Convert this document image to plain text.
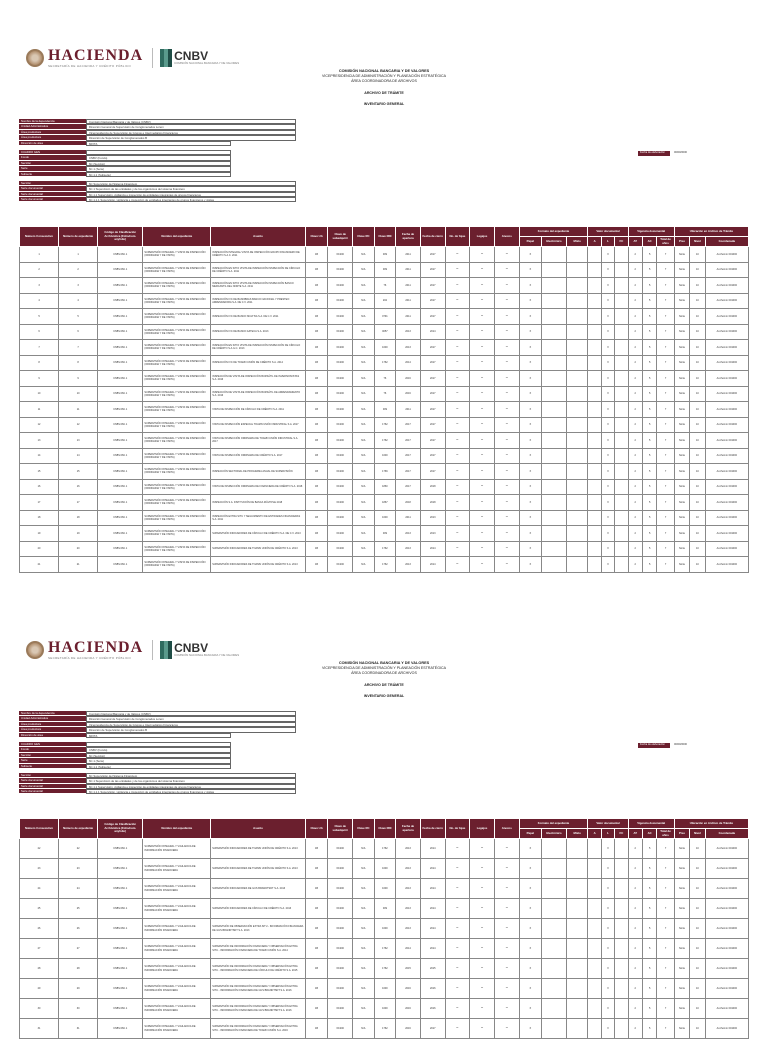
HACIENDA
SECRETARÍA DE HACIENDA Y CRÉDITO PÚBLICO
CNBV
COMISIÓN NACIONAL BANCARIA Y DE VALORES
COMISIÓN NACIONAL BANCARIA Y DE VALORES
VICEPRESIDENCIA DE ADMINISTRACIÓN Y PLANEACIÓN ESTRATÉGICA
ÁREA COORDINADORA DE ARCHIVOS
ARCHIVO DE TRÁMITE
INVENTARIO GENERAL
Nombre de la dependencia	Comisión Nacional Bancaria y de Valores (CNBV)
Unidad Administrativa	Dirección General de Supervisión de Conglomerados Lorem
Área productora	Vicepresidencia de Supervisión de Grupos e Intermediarios Financieros
Área productora	Dirección de Supervisión de Conglomerados B
Dirección de área	MIXTA
CUADRO GEN
Fondo	CNBV (Fondo)
Sección	6C (Sección)
Serie	6C.1 (Serie)
Subserie	6C.1.1 (Subserie)
Sección	6C Supervisión del Sistema Financiero
Serie documental	6C.1 Supervisión de las entidades y de los organismos del sistema financiero
Serie documental	6C.1.1 Supervisión, vigilancia e inspección de entidades integrantes de grupos financieros
Serie documental	6C.1.1.1 Supervisión, vigilancia e inspección de entidades integrantes de grupos financieros y visitas
Fecha de elaboración	00/00/0000
Número Consecutivo	Número de expediente	Código de Clasificación Archivística (Folio/num. anyfolio)	Nombre del expediente	Asunto	Clave UA	Clave de subadquirir	Clave RC	Clave RDI	Fecha de apertura	Fecha de cierre	No. de fojas	Legajos	Anexos	Formato del expediente			Valor documental			Vigencia documental			Ubicación en Archivo de Trámite		
														Papel	Electrónico	Mixto	A	L	FC	AT	AC	Total de años	Piso	Nivel	Coordenada
1	1	CNBV.06C.1	SUPERVISIÓN INTEGRAL Y VISITA DE INSPECCIÓN (ORDINARIA Y DE VISITA)	INSPECCIÓN INTEGRAL VISITA DE INSPECCIÓN GRUPO FINANCIERO DE CRÉDITO S.A.C. 2011	1B	6C200	N/A	009	2011	2017	**	**	**	X				X		2	5	7	Norte	10	Anchomm 001000
2	2	CNBV.06C.1	SUPERVISIÓN INTEGRAL Y VISITA DE INSPECCIÓN (ORDINARIA Y DE VISITA)	INSPECCIÓN EN SITIO VISITA DE INSPECCIÓN INSPECCIÓN DE CÍRCULO DE CRÉDITO S.A. 2011	1B	6C200	N/A	009	2011	2017	**	**	**	X				X		2	5	7	Norte	10	Anchomm 001000
3	3	CNBV.06C.1	SUPERVISIÓN INTEGRAL Y VISITA DE INSPECCIÓN (ORDINARIA Y DE VISITA)	INSPECCIÓN EN SITIO VISITA DE INSPECCIÓN INSPECCIÓN BANCO MERCANTIL DEL NORTE S.A. 2011	1B	6C200	N/A	76	2011	2017	**	**	**	X				X		2	5	7	Norte	10	Anchomm 001000
4	4	CNBV.06C.1	SUPERVISIÓN INTEGRAL Y VISITA DE INSPECCIÓN (ORDINARIA Y DE VISITA)	INSPECCIÓN IVC DE BANOBRAS BANCO NACIONAL Y PRESTEO ARRENDADORA S.A. DE C.V. 2011	1B	6C200	N/A	202	2011	2017	**	**	**	X				X		2	5	7	Norte	10	Anchomm 001000
5	5	CNBV.06C.1	SUPERVISIÓN INTEGRAL Y VISITA DE INSPECCIÓN (ORDINARIA Y DE VISITA)	INSPECCIÓN IVC DE BANCO MULTIVA S.A. DE C.V. 2011	1B	6C200	N/A	0791	2011	2017	**	**	**	X				X		2	5	7	Norte	10	Anchomm 001000
6	6	CNBV.06C.1	SUPERVISIÓN INTEGRAL Y VISITA DE INSPECCIÓN (ORDINARIA Y DE VISITA)	INSPECCIÓN IVC DE BANCO AZTECA S.A. 2013	1B	6C200	N/A	0057	2013	2014	**	**	**	X				X		2	5	7	Norte	10	Anchomm 001000
7	7	CNBV.06C.1	SUPERVISIÓN INTEGRAL Y VISITA DE INSPECCIÓN (ORDINARIA Y DE VISITA)	INSPECCIÓN EN SITIO VISITA DE INSPECCIÓN INSPECCIÓN DE CÍRCULO DE CRÉDITO S.A.G.C. 2013	1B	6C200	N/A	1600	2013	2017	**	**	**	X				X		2	5	7	Norte	10	Anchomm 001000
8	8	CNBV.06C.1	SUPERVISIÓN INTEGRAL Y VISITA DE INSPECCIÓN (ORDINARIA Y DE VISITA)	INSPECCIÓN IVC DE TOAMN UNIÓN DE CRÉDITO S.A. 2014	1B	6C200	N/A	1762	2014	2017	**	**	**	X				X		2	5	7	Norte	10	Anchomm 001000
9	9	CNBV.06C.1	SUPERVISIÓN INTEGRAL Y VISITA DE INSPECCIÓN (ORDINARIA Y DE VISITA)	INSPECCIÓN DE VISITA DE INSPECCIÓN BURSÁTIL DE INVERSIONISTAS S.A. 2016	1B	6C200	N/A	76	2016	2017	**	**	**	X				X		2	5	7	Norte	10	Anchomm 001000
10	10	CNBV.06C.1	SUPERVISIÓN INTEGRAL Y VISITA DE INSPECCIÓN (ORDINARIA Y DE VISITA)	INSPECCIÓN DE VISITA DE INSPECCIÓN BURSÁTIL DE ARRENDAMIENTO S.A. 2016	1B	6C200	N/A	76	2016	2017	**	**	**	X				X		2	5	7	Norte	10	Anchomm 001000
11	11	CNBV.06C.1	SUPERVISIÓN INTEGRAL Y VISITA DE INSPECCIÓN (ORDINARIA Y DE VISITA)	VISITA DE INSPECCIÓN DE CÍRCULO DE CRÉDITO S.A. 2011	1B	6C200	N/A	009	2011	2017	**	**	**	X				X		2	5	7	Norte	10	Anchomm 001000
12	12	CNBV.06C.1	SUPERVISIÓN INTEGRAL Y VISITA DE INSPECCIÓN (ORDINARIA Y DE VISITA)	VISITA DE INSPECCIÓN ESPECIAL TOAMN UNIÓN INDUSTRIAL S.A. 2017	1B	6C200	N/A	1762	2017	2017	**	**	**	X				X		2	5	7	Norte	10	Anchomm 001000
13	13	CNBV.06C.1	SUPERVISIÓN INTEGRAL Y VISITA DE INSPECCIÓN (ORDINARIA Y DE VISITA)	VISITA DE INSPECCIÓN ORDINARIA DE TOAMN UNIÓN INDUSTRIAL S.A. 2017	1B	6C200	N/A	1762	2017	2017	**	**	**	X				X		2	5	7	Norte	10	Anchomm 001000
14	14	CNBV.06C.1	SUPERVISIÓN INTEGRAL Y VISITA DE INSPECCIÓN (ORDINARIA Y DE VISITA)	VISITA DE INSPECCIÓN ORDINARIA DE CRÉDITO S.A. 2017	1B	6C200	N/A	1600	2017	2017	**	**	**	X				X		2	5	7	Norte	10	Anchomm 001000
15	15	CNBV.06C.1	SUPERVISIÓN INTEGRAL Y VISITA DE INSPECCIÓN (ORDINARIA Y DE VISITA)	INSPECCIÓN SECTORIAL DE PROGRAMA ANUAL DE SUPERVISIÓN	1B	6C200	N/A	1766	2017	2017	**	**	**	X				X		2	5	7	Norte	10	Anchomm 001000
16	16	CNBV.06C.1	SUPERVISIÓN INTEGRAL Y VISITA DE INSPECCIÓN (ORDINARIA Y DE VISITA)	VISITA DE INSPECCIÓN ORDINARIA DE FINANCIERA DE CRÉDITO S.A. 2018	1B	6C200	N/A	1860	2017	2018	**	**	**	X				X		2	5	7	Norte	10	Anchomm 001000
17	17	CNBV.06C.1	SUPERVISIÓN INTEGRAL Y VISITA DE INSPECCIÓN (ORDINARIA Y DE VISITA)	INSPECCIÓN S.A. INSTITUCIÓN DE BANCA MÚLTIPLE 2018	1B	6C200	N/A	1867	2018	2018	**	**	**	X				X		2	5	7	Norte	10	Anchomm 001000
18	18	CNBV.06C.1	SUPERVISIÓN INTEGRAL Y VISITA DE INSPECCIÓN (ORDINARIA Y DE VISITA)	INSPECCIÓN EXTRA SITU Y SEGUIMIENTO DE ENTIDADES FINANCIERAS S.A. 2011	1B	6C200	N/A	1600	2011	2013	**	**	**	X				X		2	5	7	Norte	10	Anchomm 001000
19	19	CNBV.06C.1	SUPERVISIÓN INTEGRAL Y VISITA DE INSPECCIÓN (ORDINARIA Y DE VISITA)	SUPERVISIÓN INDICADORES DE CÍRCULO DE CRÉDITO S.A. DE C.V. 2013	1B	6C200	N/A	009	2013	2013	**	**	**	X				X		2	5	7	Norte	10	Anchomm 001000
20	20	CNBV.06C.1	SUPERVISIÓN INTEGRAL Y VISITA DE INSPECCIÓN (ORDINARIA Y DE VISITA)	SUPERVISIÓN INDICADORES DE TOAMN UNIÓN DE CRÉDITO S.A. 2013	1B	6C200	N/A	1762	2013	2014	**	**	**	X				X		2	5	7	Norte	10	Anchomm 001000
21	21	CNBV.06C.1	SUPERVISIÓN INTEGRAL Y VISITA DE INSPECCIÓN (ORDINARIA Y DE VISITA)	SUPERVISIÓN INDICADORES DE TOAMN UNIÓN DE CRÉDITO S.A. 2013	1B	6C200	N/A	1762	2013	2014	**	**	**	X				X		2	5	7	Norte	10	Anchomm 001000
HACIENDA
SECRETARÍA DE HACIENDA Y CRÉDITO PÚBLICO
CNBV
COMISIÓN NACIONAL BANCARIA Y DE VALORES
COMISIÓN NACIONAL BANCARIA Y DE VALORES
VICEPRESIDENCIA DE ADMINISTRACIÓN Y PLANEACIÓN ESTRATÉGICA
ÁREA COORDINADORA DE ARCHIVOS
ARCHIVO DE TRÁMITE
INVENTARIO GENERAL
Nombre de la dependencia	Comisión Nacional Bancaria y de Valores (CNBV)
Unidad Administrativa	Dirección General de Supervisión de Conglomerados Lorem
Área productora	Vicepresidencia de Supervisión de Grupos e Intermediarios Financieros
Área productora	Dirección de Supervisión de Conglomerados B
Dirección de área	MIXTA
CUADRO GEN
Fondo	CNBV (Fondo)
Sección	6C (Sección)
Serie	6C.1 (Serie)
Subserie	6C.1.1 (Subserie)
Sección	6C Supervisión del Sistema Financiero
Serie documental	6C.1 Supervisión de las entidades y de los organismos del sistema financiero
Serie documental	6C.1.1 Supervisión, vigilancia e inspección de entidades integrantes de grupos financieros
Serie documental	6C.1.1.1 Supervisión, vigilancia e inspección de entidades integrantes de grupos financieros y visitas
Fecha de elaboración	00/00/0000
Número Consecutivo	Número de expediente	Código de Clasificación Archivística (Folio/num. anyfolio)	Nombre del expediente	Asunto	Clave UA	Clave de subadquirir	Clave RC	Clave RDI	Fecha de apertura	Fecha de cierre	No. de fojas	Legajos	Anexos	Formato del expediente			Valor documental			Vigencia documental			Ubicación en Archivo de Trámite		
														Papel	Electrónico	Mixto	A	L	FC	AT	AC	Total de años	Piso	Nivel	Coordenada
22	22	CNBV.06C.1	SUPERVISIÓN INTEGRAL Y VIGILANCIA DE INFORMACIÓN FINANCIERA	SUPERVISIÓN INDICADORES DE TOAMN UNIÓN DE CRÉDITO S.A. 2013	1B	6C200	N/A	1762	2013	2014	**	**	**	X				X		2	5	7	Norte	10	Anchomm 001000
23	23	CNBV.06C.1	SUPERVISIÓN INTEGRAL Y VIGILANCIA DE INFORMACIÓN FINANCIERA	SUPERVISIÓN INDICADORES DE TOAMN UNIÓN DE CRÉDITO S.A. 2013	1B	6C200	N/A	1600	2013	2014	**	**	**	X				X		2	5	7	Norte	10	Anchomm 001000
24	24	CNBV.06C.1	SUPERVISIÓN INTEGRAL Y VIGILANCIA DE INFORMACIÓN FINANCIERA	SUPERVISIÓN INDICADORES DE GUS BRANDTSDT S.A. 2013	1B	6C200	N/A	1600	2013	2014	**	**	**	X				X		2	5	7	Norte	10	Anchomm 001000
25	25	CNBV.06C.1	SUPERVISIÓN INTEGRAL Y VIGILANCIA DE INFORMACIÓN FINANCIERA	SUPERVISIÓN INDICADORES DE CÍRCULO DE CRÉDITO S.A. 2013	1B	6C200	N/A	009	2013	2014	**	**	**	X				X		2	5	7	Norte	10	Anchomm 001000
26	26	CNBV.06C.1	SUPERVISIÓN INTEGRAL Y VIGILANCIA DE INFORMACIÓN FINANCIERA	SUPERVISIÓN DE OBSERVACIÓN EXTRA SITU - INFORMACIÓN FINANCIERA DE GUS BRANDTSDT S.A. 2013	1B	6C200	N/A	1600	2013	2014	**	**	**	X				X		2	5	7	Norte	10	Anchomm 001000
27	27	CNBV.06C.1	SUPERVISIÓN INTEGRAL Y VIGILANCIA DE INFORMACIÓN FINANCIERA	SUPERVISIÓN DE INFORMACIÓN FINANCIERA Y OBSERVACIÓN EXTRA SITU - INFORMACIÓN FINANCIERA DE TOAMN UNIÓN S.A. 2014	1B	6C200	N/A	1762	2014	2014	**	**	**	X				X		2	5	7	Norte	10	Anchomm 001000
28	28	CNBV.06C.1	SUPERVISIÓN INTEGRAL Y VIGILANCIA DE INFORMACIÓN FINANCIERA	SUPERVISIÓN DE INFORMACIÓN FINANCIERA Y OBSERVACIÓN EXTRA SITU - INFORMACIÓN FINANCIERA DE CÍRCULO DE CRÉDITO S.A. 2015	1B	6C200	N/A	1762	2015	2015	**	**	**	X				X		2	5	7	Norte	10	Anchomm 001000
29	29	CNBV.06C.1	SUPERVISIÓN INTEGRAL Y VIGILANCIA DE INFORMACIÓN FINANCIERA	SUPERVISIÓN DE INFORMACIÓN FINANCIERA Y OBSERVACIÓN EXTRA SITU - INFORMACIÓN FINANCIERA DE GUS BRANDTSDT S.A. 2016	1B	6C200	N/A	1600	2016	2016	**	**	**	X				X		2	5	7	Norte	10	Anchomm 001000
30	30	CNBV.06C.1	SUPERVISIÓN INTEGRAL Y VIGILANCIA DE INFORMACIÓN FINANCIERA	SUPERVISIÓN DE INFORMACIÓN FINANCIERA Y OBSERVACIÓN EXTRA SITU - INFORMACIÓN FINANCIERA DE GUS BRANDTSDT S.A. 2016	1B	6C200	N/A	1600	2016	2016	**	**	**	X				X		2	5	7	Norte	10	Anchomm 001000
31	31	CNBV.06C.1	SUPERVISIÓN INTEGRAL Y VIGILANCIA DE INFORMACIÓN FINANCIERA	SUPERVISIÓN DE INFORMACIÓN FINANCIERA Y OBSERVACIÓN EXTRA SITU - INFORMACIÓN FINANCIERA DE TOAMN UNIÓN S.A. 2016	1B	6C200	N/A	1762	2016	2017	**	**	**	X				X		2	5	7	Norte	10	Anchomm 001000
